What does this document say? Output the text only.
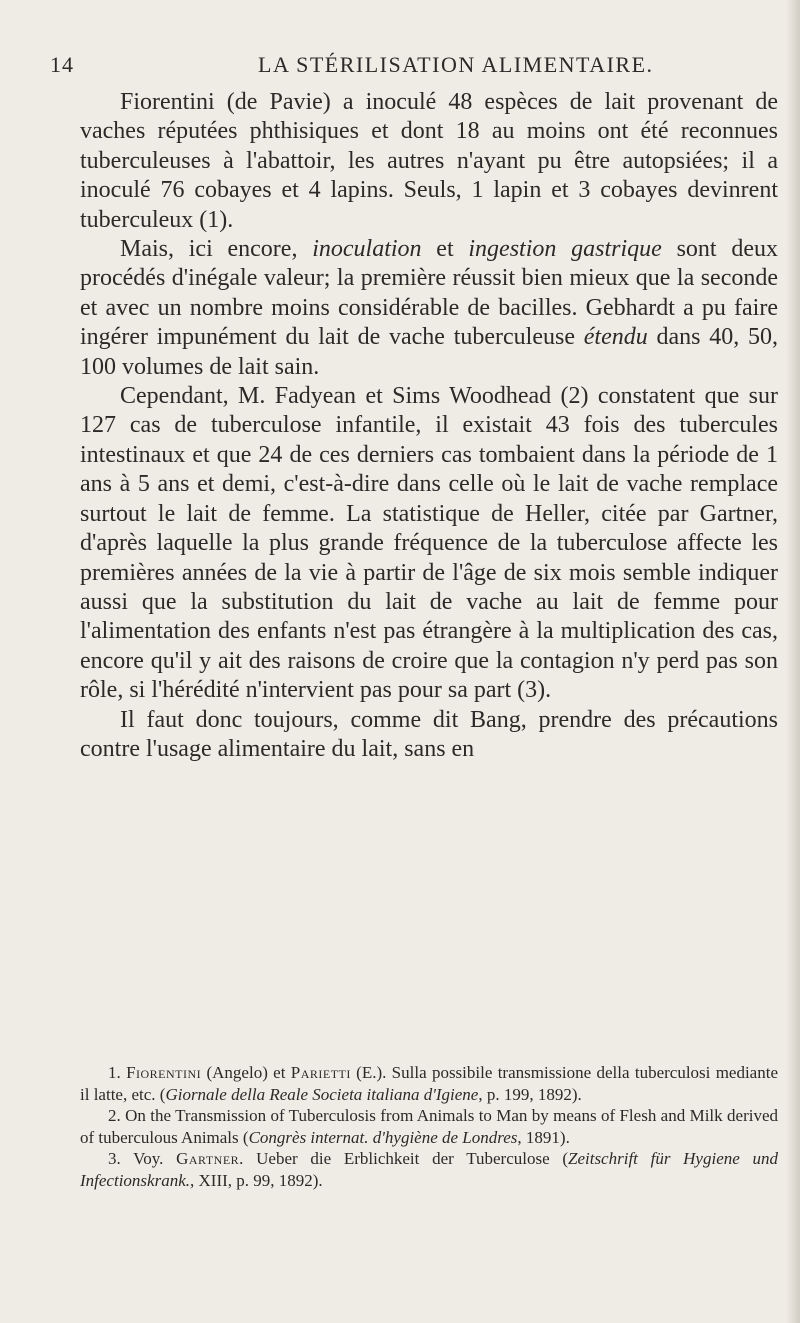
14	LA STÉRILISATION ALIMENTAIRE.

Fiorentini (de Pavie) a inoculé 48 espèces de lait provenant de vaches réputées phthisiques et dont 18 au moins ont été reconnues tuberculeuses à l'abattoir, les autres n'ayant pu être autopsiées; il a inoculé 76 cobayes et 4 lapins. Seuls, 1 lapin et 3 cobayes devinrent tuberculeux (1).

Mais, ici encore, inoculation et ingestion gastrique sont deux procédés d'inégale valeur; la première réussit bien mieux que la seconde et avec un nombre moins considérable de bacilles. Gebhardt a pu faire ingérer impunément du lait de vache tuberculeuse étendu dans 40, 50, 100 volumes de lait sain.

Cependant, M. Fadyean et Sims Woodhead (2) constatent que sur 127 cas de tuberculose infantile, il existait 43 fois des tubercules intestinaux et que 24 de ces derniers cas tombaient dans la période de 1 ans à 5 ans et demi, c'est-à-dire dans celle où le lait de vache remplace surtout le lait de femme. La statistique de Heller, citée par Gartner, d'après laquelle la plus grande fréquence de la tuberculose affecte les premières années de la vie à partir de l'âge de six mois semble indiquer aussi que la substitution du lait de vache au lait de femme pour l'alimentation des enfants n'est pas étrangère à la multiplication des cas, encore qu'il y ait des raisons de croire que la contagion n'y perd pas son rôle, si l'hérédité n'intervient pas pour sa part (3).

Il faut donc toujours, comme dit Bang, prendre des précautions contre l'usage alimentaire du lait, sans en

1. Fiorentini (Angelo) et Parietti (E.). Sulla possibile transmissione della tuberculosi mediante il latte, etc. (Giornale della Reale Societa italiana d'Igiene, p. 199, 1892).

2. On the Transmission of Tuberculosis from Animals to Man by means of Flesh and Milk derived of tuberculous Animals (Congrès internat. d'hygiène de Londres, 1891).

3. Voy. Gartner. Ueber die Erblichkeit der Tuberculose (Zeitschrift für Hygiene und Infectionskrank., XIII, p. 99, 1892).
